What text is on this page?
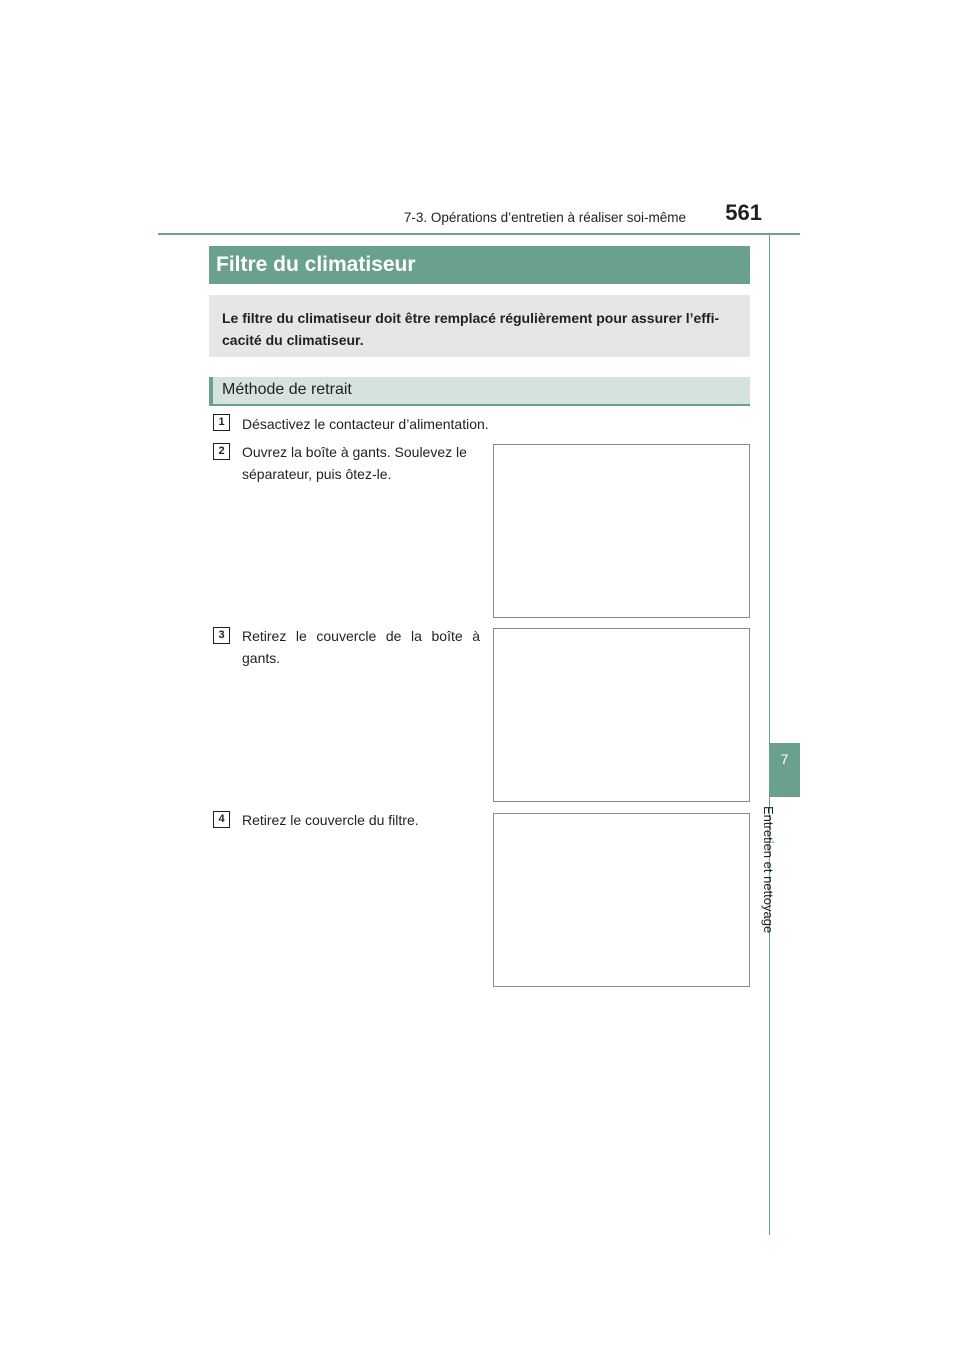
7-3. Opérations d’entretien à réaliser soi-même 561
7
Entretien et nettoyage
Filtre du climatiseur
Le filtre du climatiseur doit être remplacé régulièrement pour assurer l’effi-cacité du climatiseur.
Méthode de retrait
1	Désactivez le contacteur d’alimentation.
2	Ouvrez la boîte à gants. Soulevez le séparateur, puis ôtez-le.
3	Retirez le couvercle de la boîte à gants.
4	Retirez le couvercle du filtre.
